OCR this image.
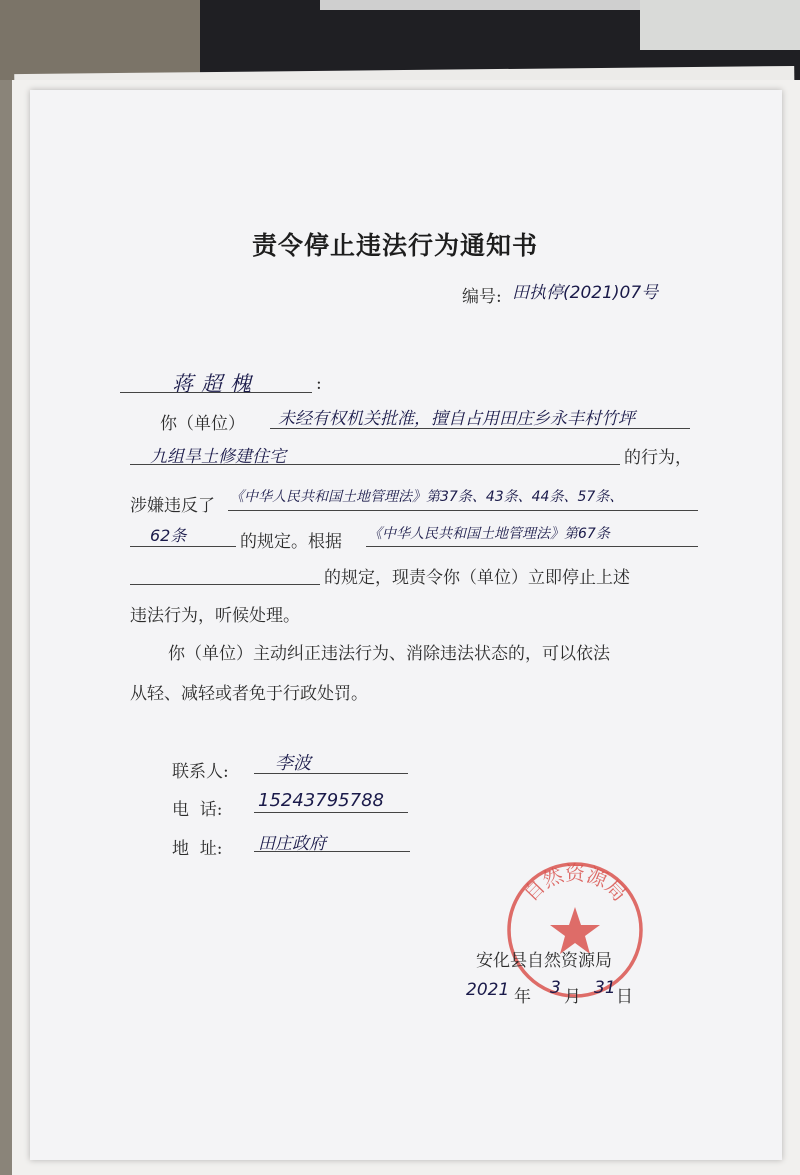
责令停止违法行为通知书
编号: 田执停(2021)07号
蒋超槐	:
你（单位） 未经有权机关批准，擅自占用田庄乡永丰村竹坪
九组旱土修建住宅	的行为，
涉嫌违反了 《中华人民共和国土地管理法》第37条、43条、44条、57条、
62条	的规定。根据 《中华人民共和国土地管理法》第67条
的规定，现责令你（单位）立即停止上述
违法行为，听候处理。
你（单位）主动纠正违法行为、消除违法状态的，可以依法
从轻、减轻或者免于行政处罚。
联系人:	李波
电  话: 15243795788
地  址: 田庄政府
自然资源局
安化县自然资源局
2021 年 3 月 31 日
